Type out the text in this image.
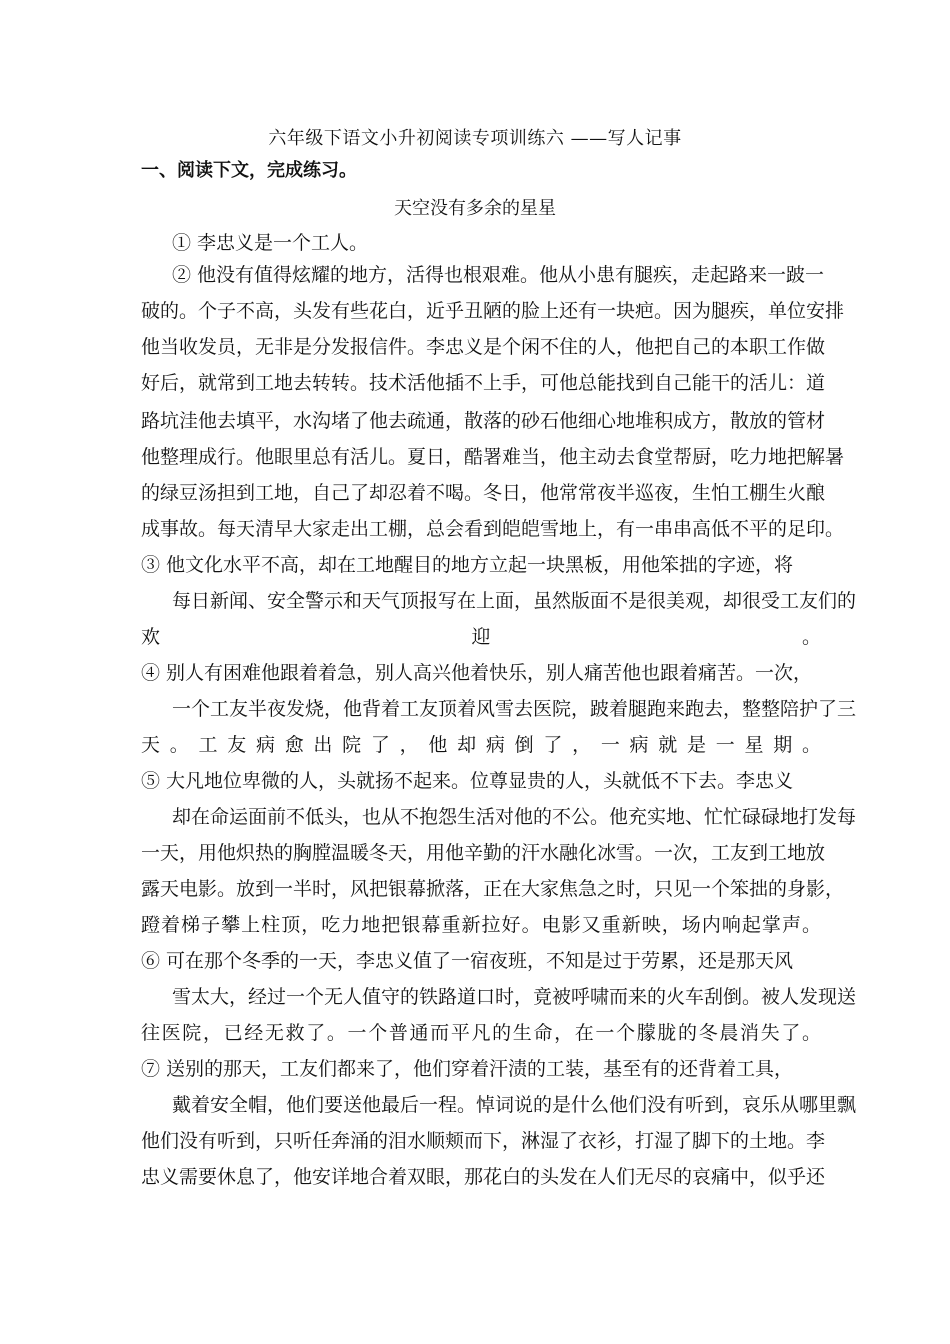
六年级下语文小升初阅读专项训练六 ——写人记事
一、阅读下文，完成练习。
天空没有多余的星星
① 李忠义是一个工人。
② 他没有值得炫耀的地方，活得也根艰难。他从小患有腿疾，走起路来一跛一
破的。个子不高，头发有些花白，近乎丑陋的脸上还有一块疤。因为腿疾，单位安排
他当收发员，无非是分发报信件。李忠义是个闲不住的人，他把自己的本职工作做
好后，就常到工地去转转。技术活他插不上手，可他总能找到自己能干的活儿：道
路坑洼他去填平，水沟堵了他去疏通，散落的砂石他细心地堆积成方，散放的管材
他整理成行。他眼里总有活儿。夏日，酷署难当，他主动去食堂帮厨，吃力地把解暑
的绿豆汤担到工地，自己了却忍着不喝。冬日，他常常夜半巡夜，生怕工棚生火酿
成事故。每天清早大家走出工棚，总会看到皑皑雪地上，有一串串高低不平的足印。
③ 他文化水平不高，却在工地醒目的地方立起一块黑板，用他笨拙的字迹，将
每日新闻、安全警示和天气顶报写在上面，虽然版面不是很美观，却很受工友们的
欢迎。
④ 别人有困难他跟着着急，别人高兴他着快乐，别人痛苦他也跟着痛苦。一次，
一个工友半夜发烧，他背着工友顶着风雪去医院，跛着腿跑来跑去，整整陪护了三
天。工友病愈出院了，他却病倒了，一病就是一星期。
⑤ 大凡地位卑微的人，头就扬不起来。位尊显贵的人，头就低不下去。李忠义
却在命运面前不低头，也从不抱怨生活对他的不公。他充实地、忙忙碌碌地打发每
一天，用他炽热的胸膛温暖冬天，用他辛勤的汗水融化冰雪。一次，工友到工地放
露天电影。放到一半时，风把银幕掀落，正在大家焦急之时，只见一个笨拙的身影，
蹬着梯子攀上柱顶，吃力地把银幕重新拉好。电影又重新映，场内响起掌声。
⑥ 可在那个冬季的一天，李忠义值了一宿夜班，不知是过于劳累，还是那天风
雪太大，经过一个无人值守的铁路道口时，竟被呼啸而来的火车刮倒。被人发现送
往医院，已经无救了。一个普通而平凡的生命，在一个朦胧的冬晨消失了。
⑦ 送别的那天，工友们都来了，他们穿着汗渍的工装，基至有的还背着工具，
戴着安全帽，他们要送他最后一程。悼词说的是什么他们没有听到，哀乐从哪里飘
他们没有听到，只听任奔涌的泪水顺颊而下，淋湿了衣衫，打湿了脚下的土地。李
忠义需要休息了，他安详地合着双眼，那花白的头发在人们无尽的哀痛中，似乎还
